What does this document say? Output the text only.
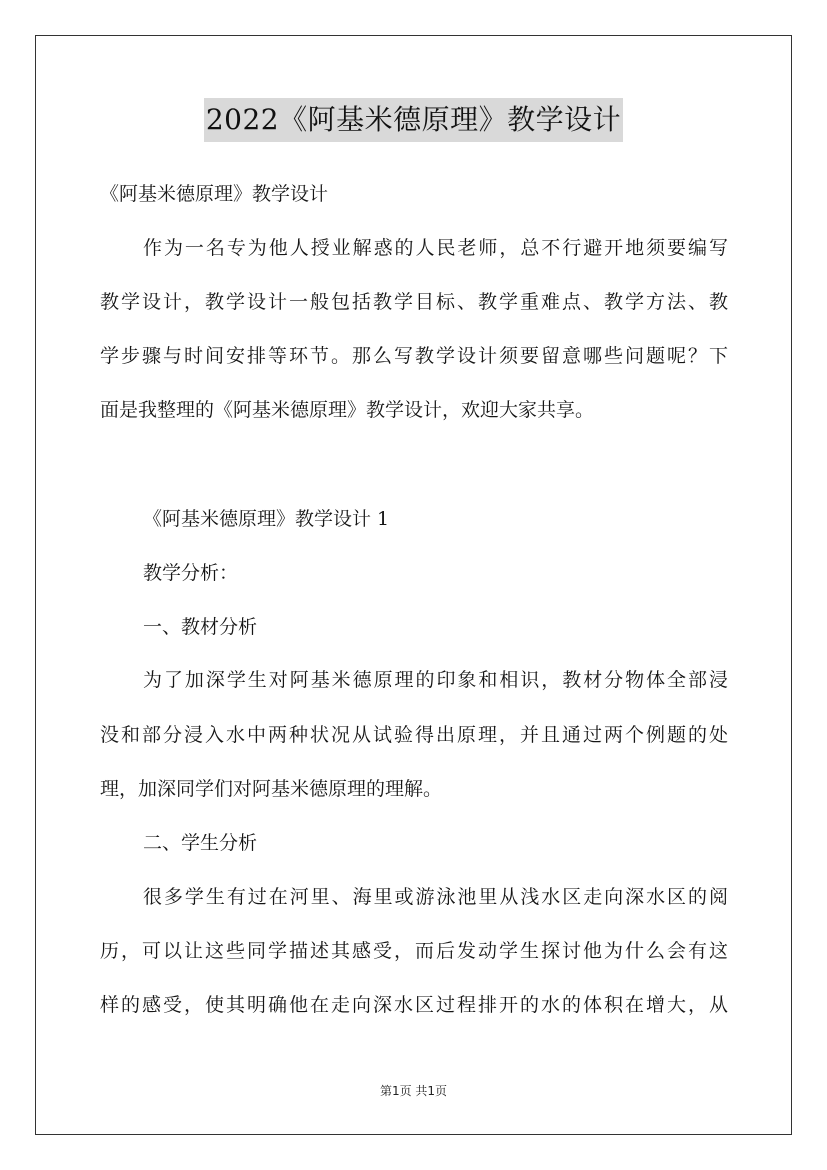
2022《阿基米德原理》教学设计
《阿基米德原理》教学设计
作为一名专为他人授业解惑的人民老师，总不行避开地须要编写
教学设计，教学设计一般包括教学目标、教学重难点、教学方法、教
学步骤与时间安排等环节。那么写教学设计须要留意哪些问题呢？下
面是我整理的《阿基米德原理》教学设计，欢迎大家共享。
《阿基米德原理》教学设计 1
教学分析：
一、教材分析
为了加深学生对阿基米德原理的印象和相识，教材分物体全部浸
没和部分浸入水中两种状况从试验得出原理，并且通过两个例题的处
理，加深同学们对阿基米德原理的理解。
二、学生分析
很多学生有过在河里、海里或游泳池里从浅水区走向深水区的阅
历，可以让这些同学描述其感受，而后发动学生探讨他为什么会有这
样的感受，使其明确他在走向深水区过程排开的水的体积在增大，从
第1页 共1页
